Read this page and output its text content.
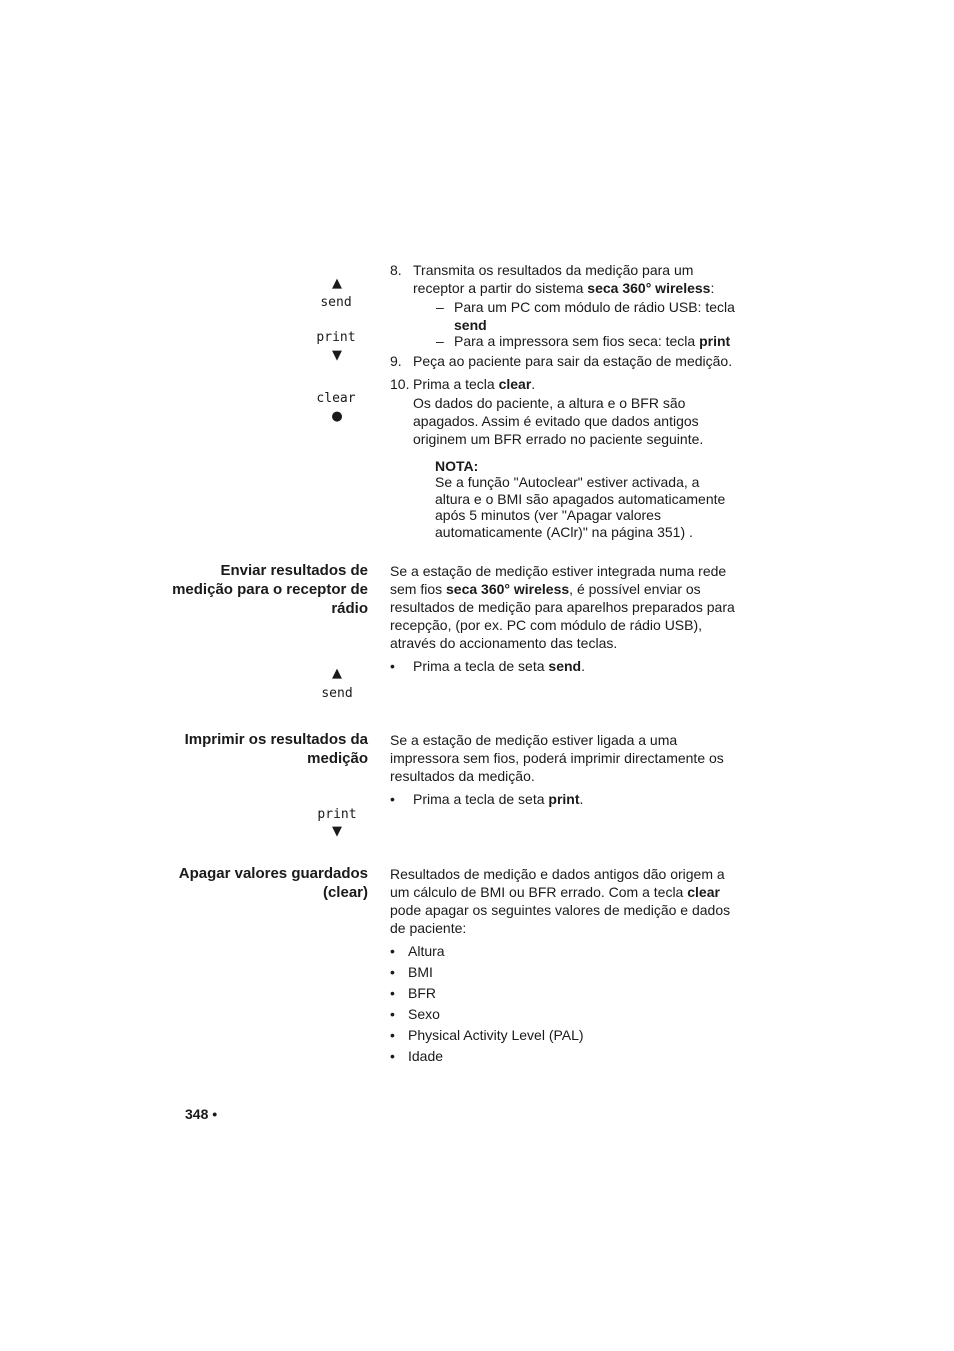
▲
send
print
▼
clear
●
8. Transmita os resultados da medição para um receptor a partir do sistema seca 360° wireless:
– Para um PC com módulo de rádio USB: tecla send
– Para a impressora sem fios seca: tecla print
9. Peça ao paciente para sair da estação de medição.
10. Prima a tecla clear.
Os dados do paciente, a altura e o BFR são apagados. Assim é evitado que dados antigos originem um BFR errado no paciente seguinte.
NOTA:
Se a função "Autoclear" estiver activada, a altura e o BMI são apagados automaticamente após 5 minutos (ver "Apagar valores automaticamente (AClr)" na página 351) .
Enviar resultados de medição para o receptor de rádio
Se a estação de medição estiver integrada numa rede sem fios seca 360° wireless, é possível enviar os resultados de medição para aparelhos preparados para recepção, (por ex. PC com módulo de rádio USB), através do accionamento das teclas.
•	Prima a tecla de seta send.
▲
send
Imprimir os resultados da medição
Se a estação de medição estiver ligada a uma impressora sem fios, poderá imprimir directamente os resultados da medição.
•	Prima a tecla de seta print.
print
▼
Apagar valores guardados (clear)
Resultados de medição e dados antigos dão origem a um cálculo de BMI ou BFR errado. Com a tecla clear pode apagar os seguintes valores de medição e dados de paciente:
• Altura
• BMI
• BFR
• Sexo
• Physical Activity Level (PAL)
• Idade
348 •
